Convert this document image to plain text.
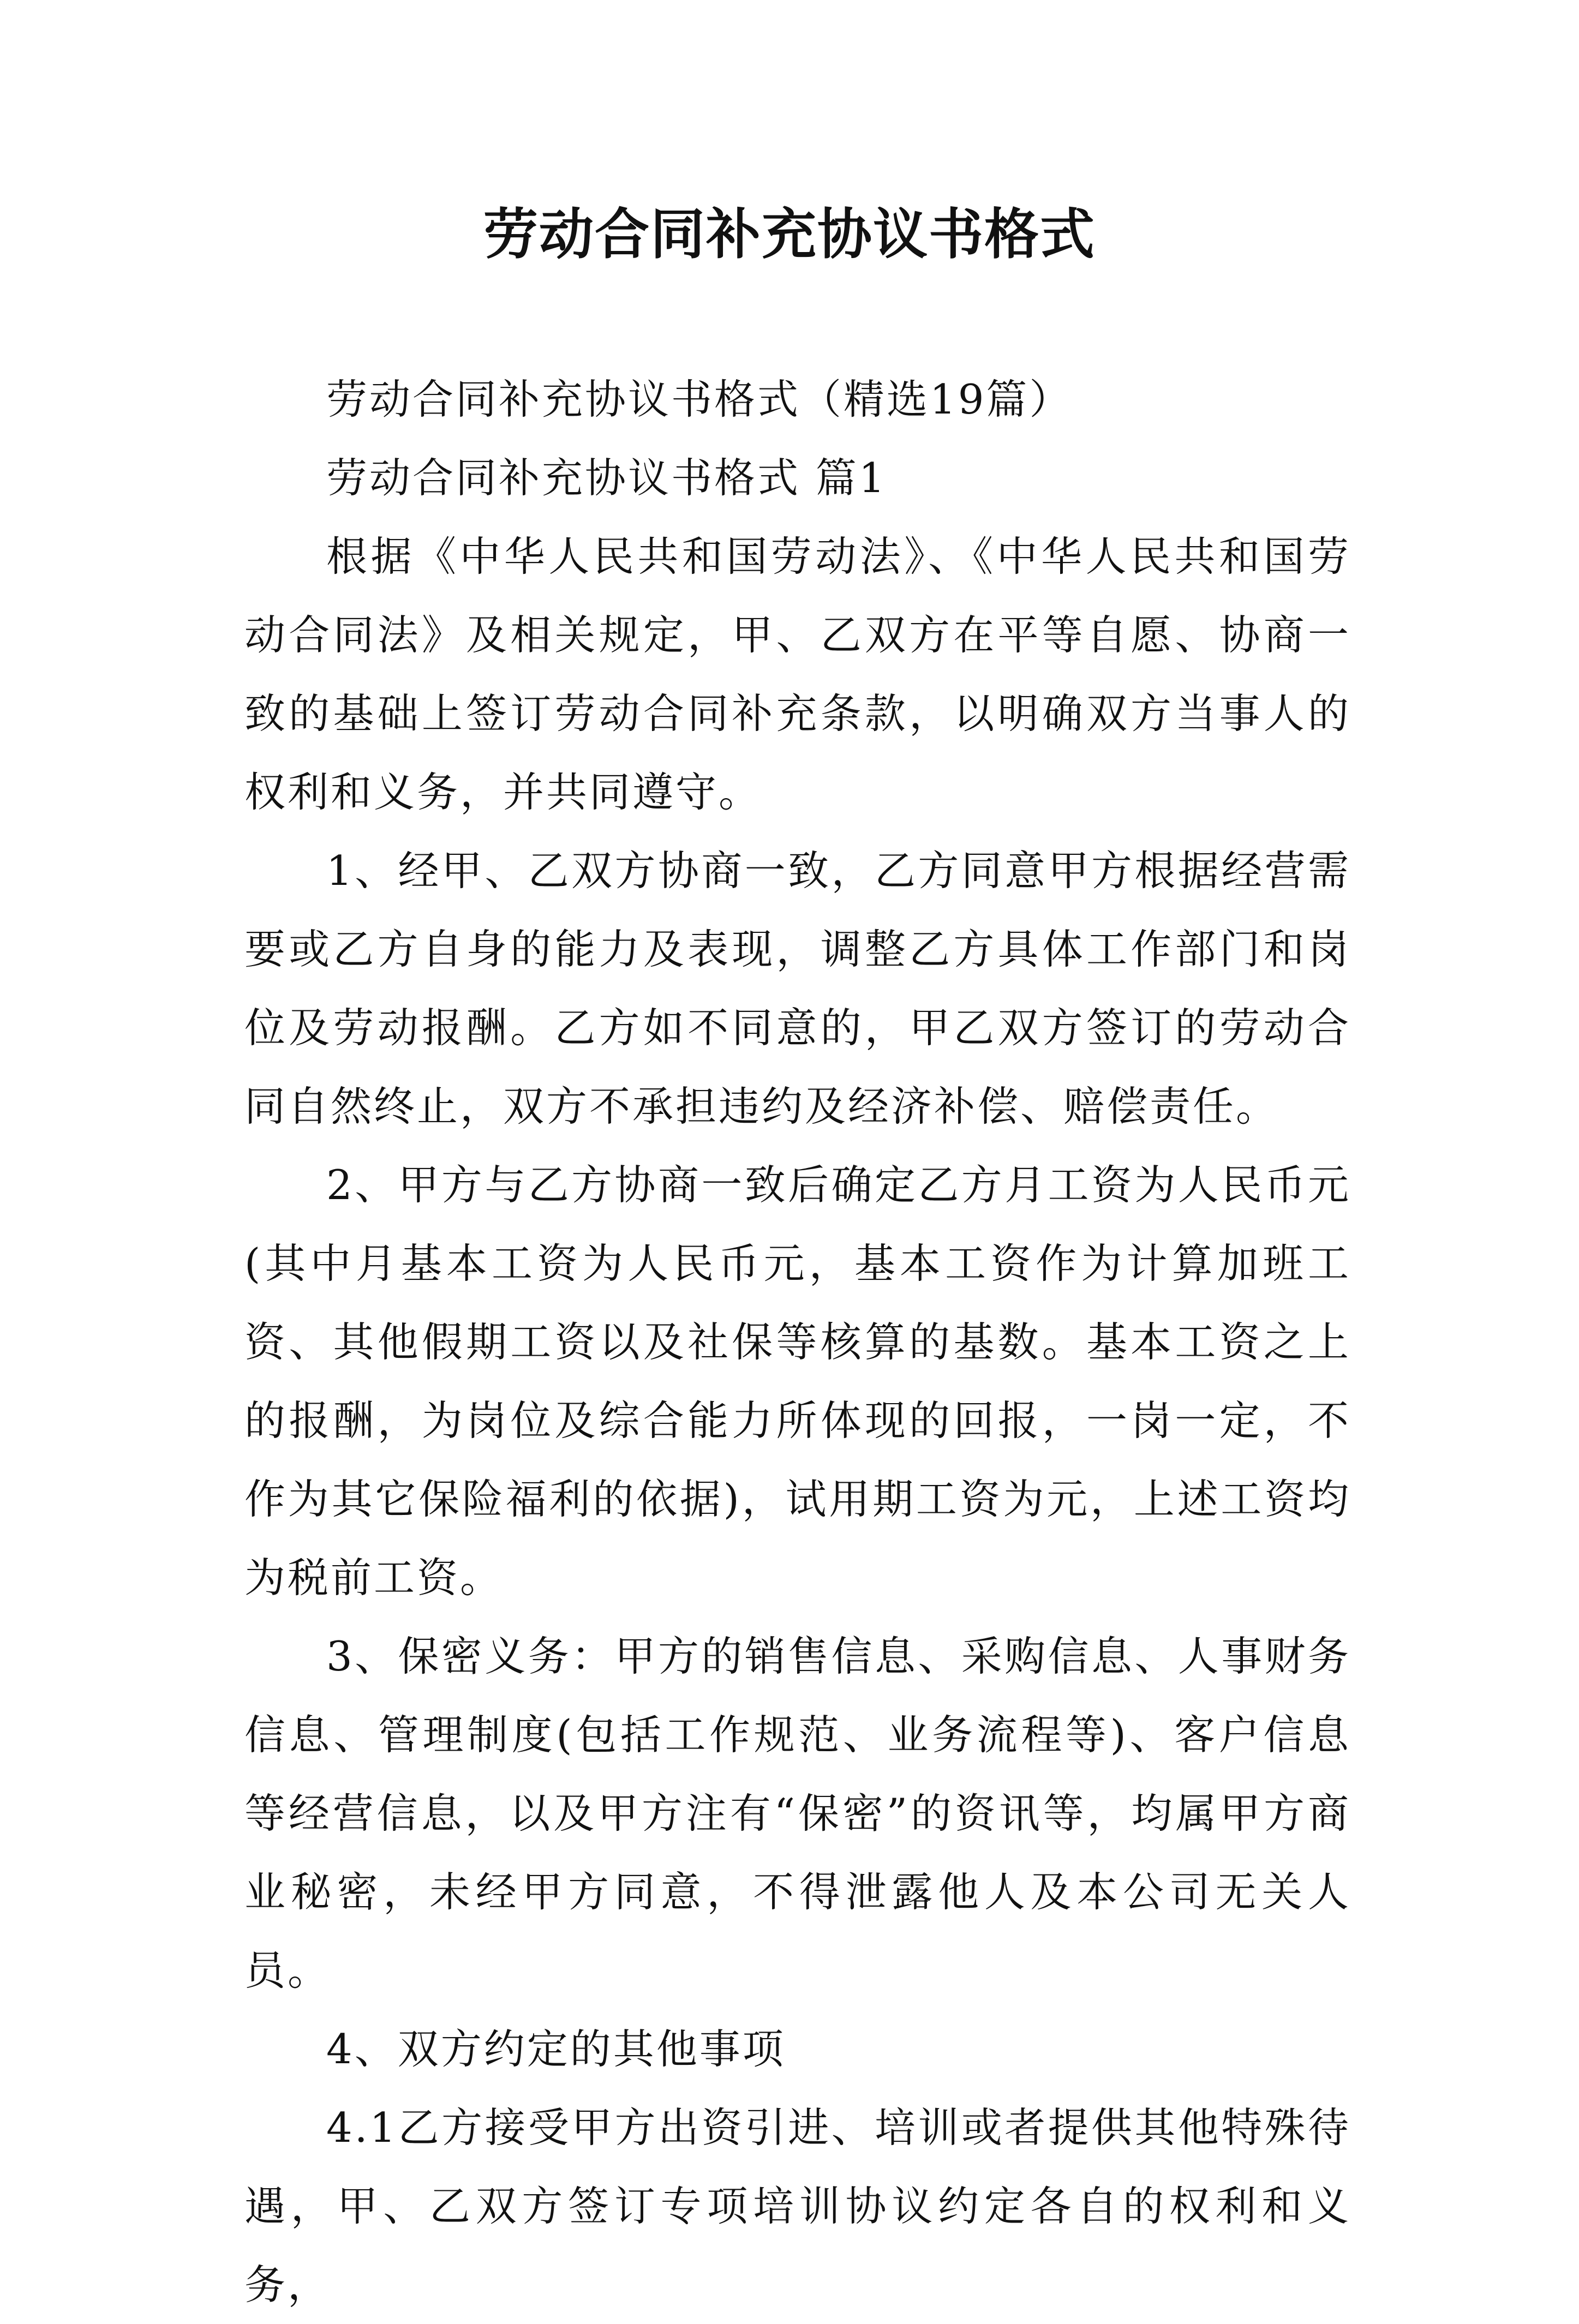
劳动合同补充协议书格式

劳动合同补充协议书格式（精选19篇）

劳动合同补充协议书格式 篇1

根据《中华人民共和国劳动法》、《中华人民共和国劳动合同法》及相关规定，甲、乙双方在平等自愿、协商一致的基础上签订劳动合同补充条款，以明确双方当事人的权利和义务，并共同遵守。

1、经甲、乙双方协商一致，乙方同意甲方根据经营需要或乙方自身的能力及表现，调整乙方具体工作部门和岗位及劳动报酬。乙方如不同意的，甲乙双方签订的劳动合同自然终止，双方不承担违约及经济补偿、赔偿责任。

2、甲方与乙方协商一致后确定乙方月工资为人民币元(其中月基本工资为人民币元，基本工资作为计算加班工资、其他假期工资以及社保等核算的基数。基本工资之上的报酬，为岗位及综合能力所体现的回报，一岗一定，不作为其它保险福利的依据)，试用期工资为元，上述工资均为税前工资。

3、保密义务：甲方的销售信息、采购信息、人事财务信息、管理制度(包括工作规范、业务流程等)、客户信息等经营信息，以及甲方注有“保密”的资讯等，均属甲方商业秘密，未经甲方同意，不得泄露他人及本公司无关人员。

4、双方约定的其他事项

4.1乙方接受甲方出资引进、培训或者提供其他特殊待遇，甲、乙双方签订专项培训协议约定各自的权利和义务，
